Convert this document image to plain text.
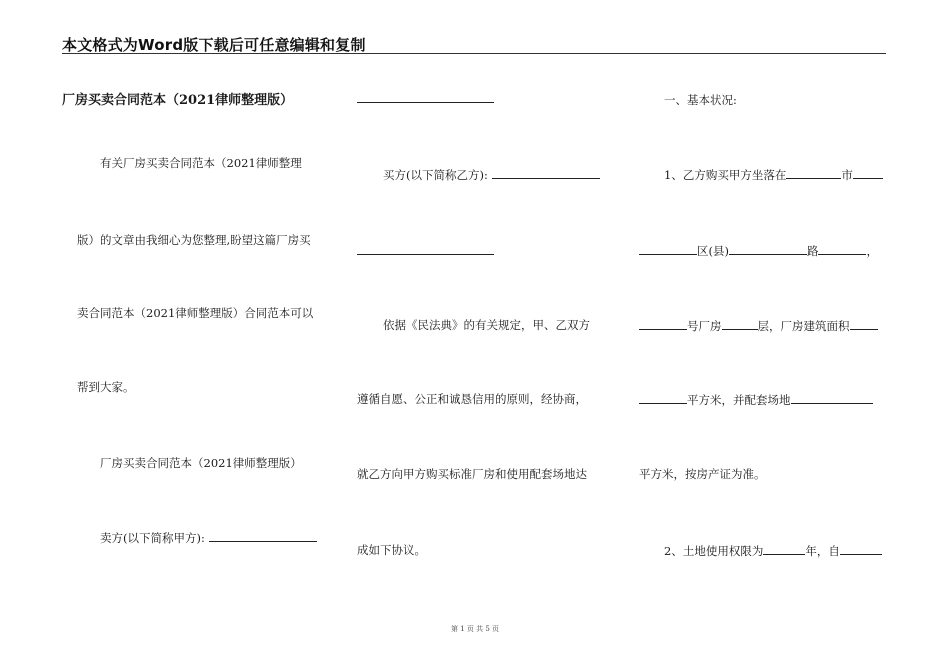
本文格式为Word版下载后可任意编辑和复制
厂房买卖合同范本（2021律师整理版）
有关厂房买卖合同范本（2021律师整理
版）的文章由我细心为您整理,盼望这篇厂房买
卖合同范本（2021律师整理版）合同范本可以
帮到大家。
厂房买卖合同范本（2021律师整理版）
卖方(以下简称甲方):
买方(以下简称乙方):
依据《民法典》的有关规定，甲、乙双方
遵循自愿、公正和诚恳信用的原则，经协商，
就乙方向甲方购买标准厂房和使用配套场地达
成如下协议。
一、基本状况:
1、乙方购买甲方坐落在	市
区(县)	路	，
号厂房	层，厂房建筑面积
平方米，并配套场地
平方米，按房产证为准。
2、土地使用权限为	年，自
第 1 页 共 5 页
